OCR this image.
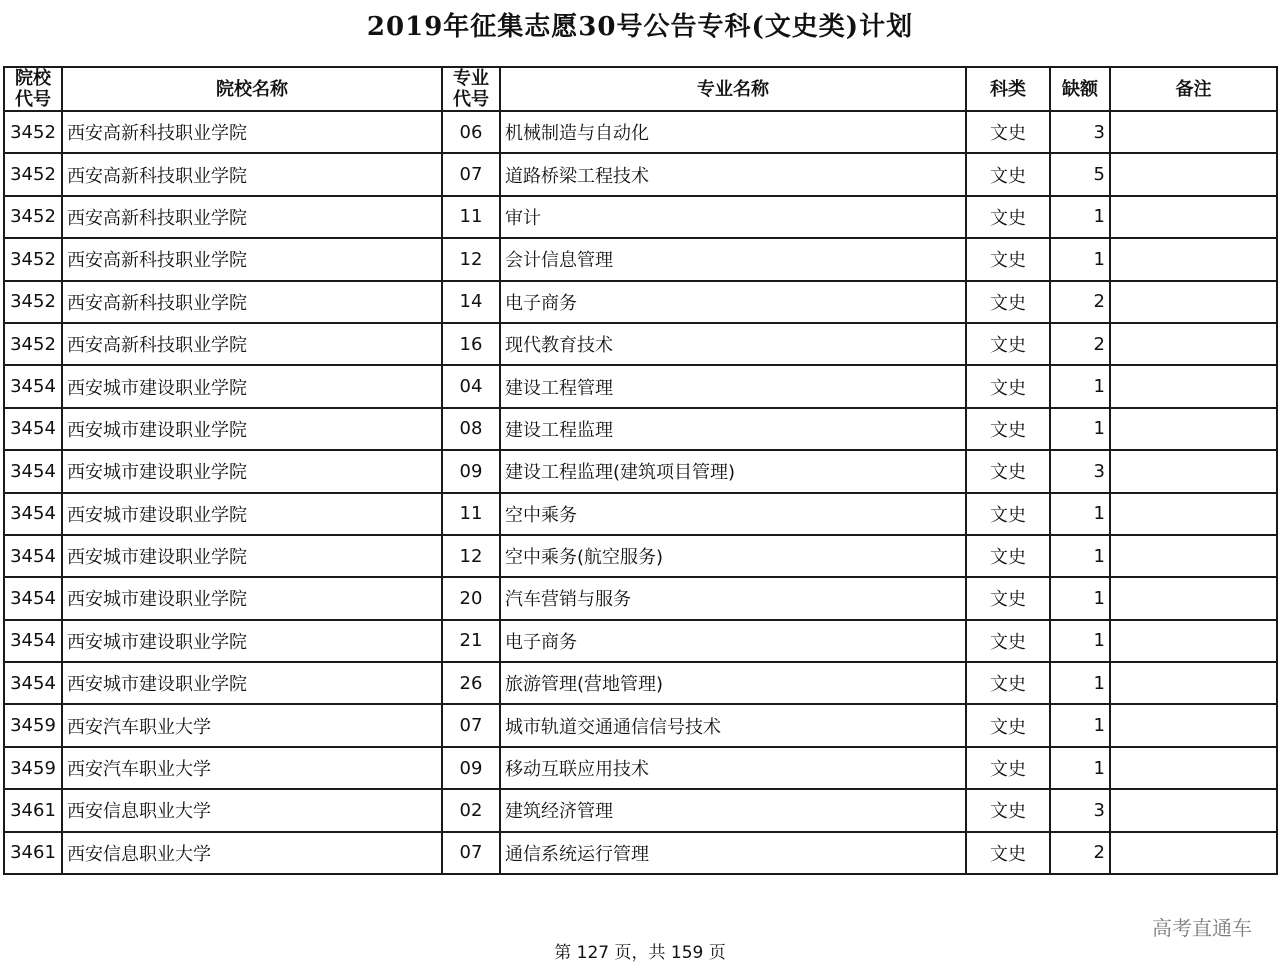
2019年征集志愿30号公告专科(文史类)计划
院校代号	院校名称	专业代号	专业名称	科类	缺额	备注
3452	西安高新科技职业学院	06	机械制造与自动化	文史	3	
3452	西安高新科技职业学院	07	道路桥梁工程技术	文史	5	
3452	西安高新科技职业学院	11	审计	文史	1	
3452	西安高新科技职业学院	12	会计信息管理	文史	1	
3452	西安高新科技职业学院	14	电子商务	文史	2	
3452	西安高新科技职业学院	16	现代教育技术	文史	2	
3454	西安城市建设职业学院	04	建设工程管理	文史	1	
3454	西安城市建设职业学院	08	建设工程监理	文史	1	
3454	西安城市建设职业学院	09	建设工程监理(建筑项目管理)	文史	3	
3454	西安城市建设职业学院	11	空中乘务	文史	1	
3454	西安城市建设职业学院	12	空中乘务(航空服务)	文史	1	
3454	西安城市建设职业学院	20	汽车营销与服务	文史	1	
3454	西安城市建设职业学院	21	电子商务	文史	1	
3454	西安城市建设职业学院	26	旅游管理(营地管理)	文史	1	
3459	西安汽车职业大学	07	城市轨道交通通信信号技术	文史	1	
3459	西安汽车职业大学	09	移动互联应用技术	文史	1	
3461	西安信息职业大学	02	建筑经济管理	文史	3	
3461	西安信息职业大学	07	通信系统运行管理	文史	2	
高考直通车
第 127 页，共 159 页
